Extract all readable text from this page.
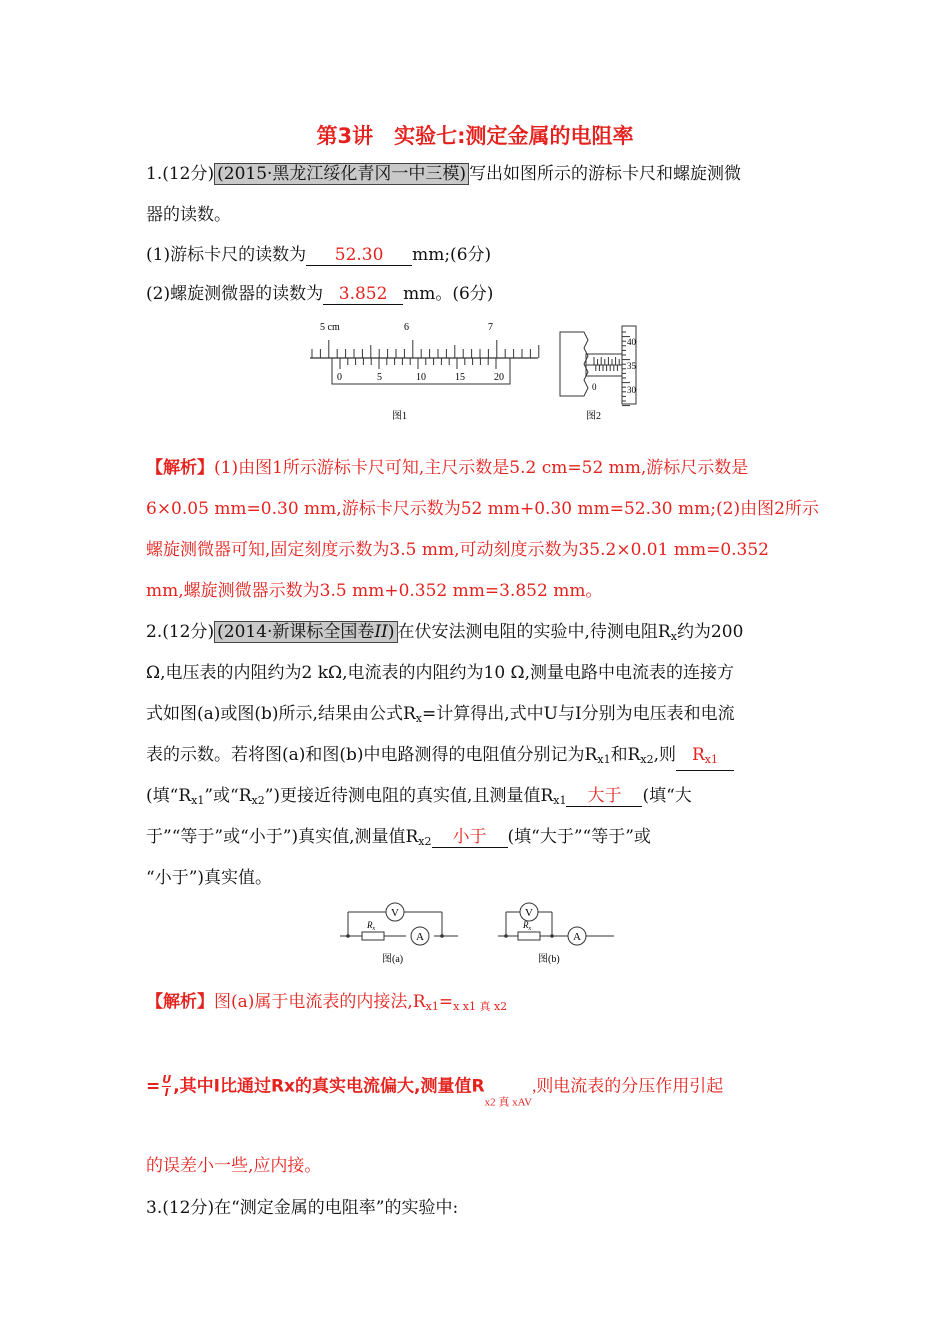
第3讲　实验七:测定金属的电阻率
1.(12分) (2015·黑龙江绥化青冈一中三模) 写出如图所示的游标卡尺和螺旋测微
器的读数。
(1)游标卡尺的读数为 52.30 mm;(6分)
(2)螺旋测微器的读数为 3.852 mm。(6分)
5 cm	6	7
0	5	10	15	20
图1
0
40
35
30
图2
【解析】(1)由图1所示游标卡尺可知,主尺示数是5.2 cm=52 mm,游标尺示数是
6×0.05 mm=0.30 mm,游标卡尺示数为52 mm+0.30 mm=52.30 mm;(2)由图2所示
螺旋测微器可知,固定刻度示数为3.5 mm,可动刻度示数为35.2×0.01 mm=0.352
mm,螺旋测微器示数为3.5 mm+0.352 mm=3.852 mm。
2.(12分) (2014·新课标全国卷II) 在伏安法测电阻的实验中,待测电阻$R_x$约为200
Ω,电压表的内阻约为2 kΩ,电流表的内阻约为10 Ω,测量电路中电流表的连接方
式如图(a)或图(b)所示,结果由公式$R_x=$计算得出,式中U与I分别为电压表和电流
表的示数。若将图(a)和图(b)中电路测得的电阻值分别记为$R_{x1}$和$R_{x2}$,则 $R_{x1}$
(填“$R_{x1}$”或“$R_{x2}$”)更接近待测电阻的真实值,且测量值$R_{x1}$ 大于 (填“大
于”“等于”或“小于”)真实值,测量值$R_{x2}$ 小于 (填“大于”“等于”或
“小于”)真实值。
V
$R_x$
A
图(a)
V
$R_x$
A
图(b)
【解析】图(a)属于电流表的内接法$,R_{x1}=_{x x1 真 x2}$
= $\frac{U}{I}$ ,其中I比通过Rx的真实电流偏大,测量值$R_{x2 真 xAV}$,则电流表的分压作用引起
的误差小一些,应内接。
3.(12分)在“测定金属的电阻率”的实验中:
